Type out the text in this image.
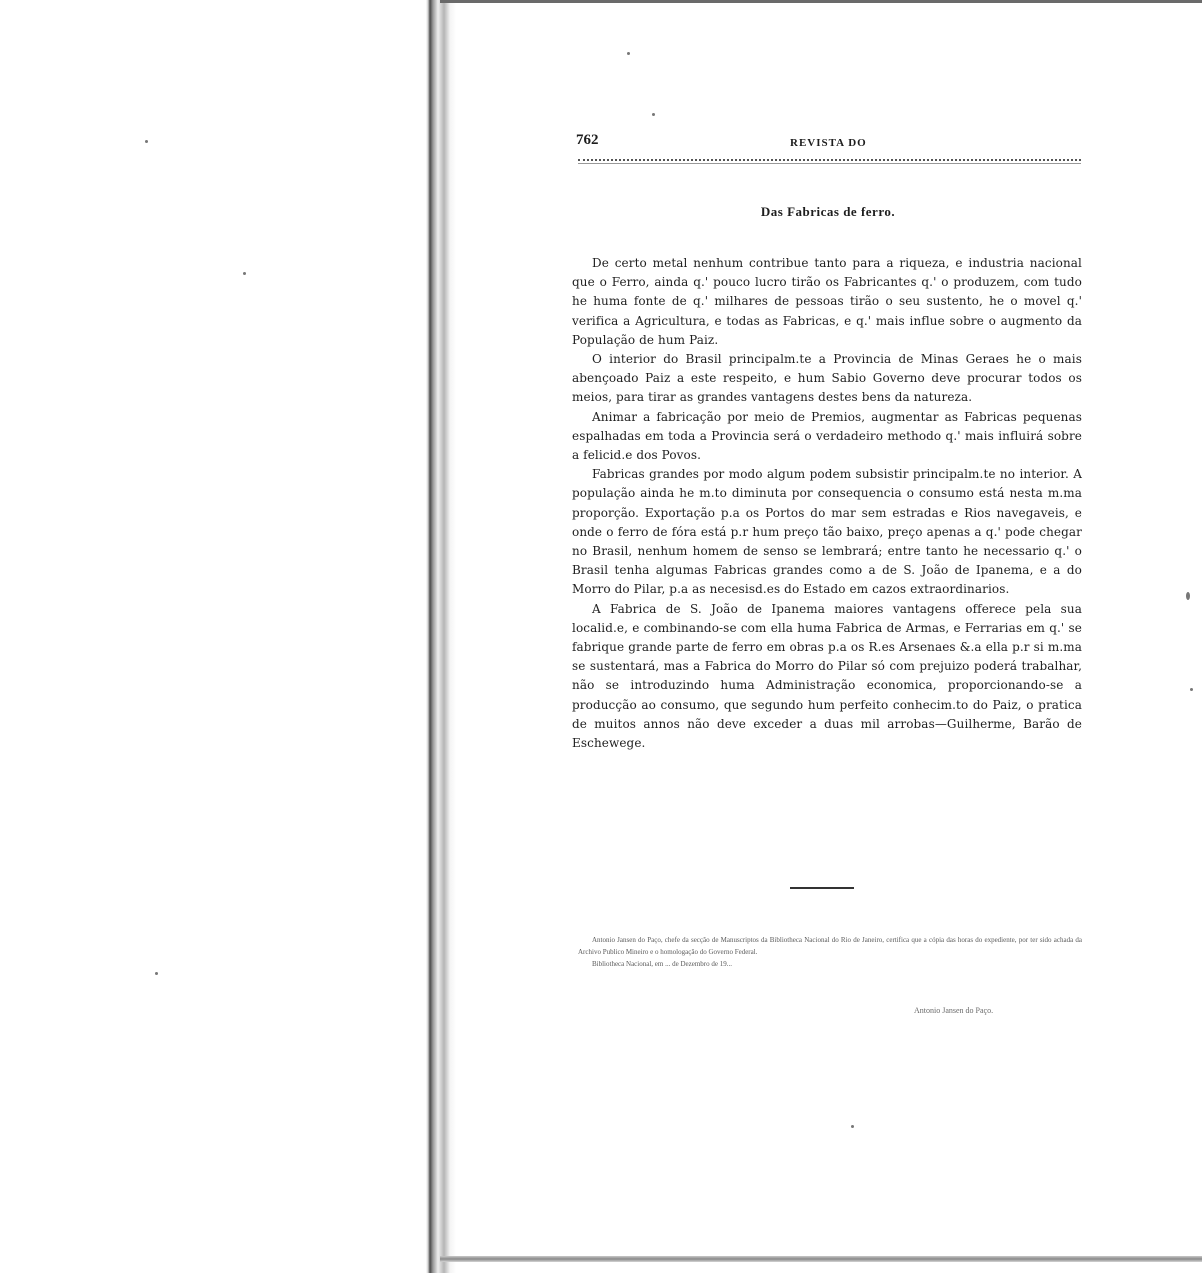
762	REVISTA DO
Das Fabricas de ferro.

De certo metal nenhum contribue tanto para a riqueza, e industria nacional que o Ferro, ainda q.' pouco lucro tirão os Fabricantes q.' o produzem, com tudo he huma fonte de q.' milhares de pessoas tirão o seu sustento, he o movel q.' verifica a Agricultura, e todas as Fabricas, e q.' mais influe sobre o augmento da População de hum Paiz.

O interior do Brasil principalm.te a Provincia de Minas Geraes he o mais abençoado Paiz a este respeito, e hum Sabio Governo deve procurar todos os meios, para tirar as grandes vantagens destes bens da natureza.

Animar a fabricação por meio de Premios, augmentar as Fabricas pequenas espalhadas em toda a Provincia será o verdadeiro methodo q.' mais influirá sobre a felicid.e dos Povos.

Fabricas grandes por modo algum podem subsistir principalm.te no interior. A população ainda he m.to diminuta por consequencia o consumo está nesta m.ma proporção. Exportação p.a os Portos do mar sem estradas e Rios navegaveis, e onde o ferro de fóra está p.r hum preço tão baixo, preço apenas a q.' pode chegar no Brasil, nenhum homem de senso se lembrará; entre tanto he necessario q.' o Brasil tenha algumas Fabricas grandes como a de S. João de Ipanema, e a do Morro do Pilar, p.a as necesisd.es do Estado em cazos extraordinarios.

A Fabrica de S. João de Ipanema maiores vantagens offerece pela sua localid.e, e combinando-se com ella huma Fabrica de Armas, e Ferrarias em q.' se fabrique grande parte de ferro em obras p.a os R.es Arsenaes &.a ella p.r si m.ma se sustentará, mas a Fabrica do Morro do Pilar só com prejuizo poderá trabalhar, não se introduzindo huma Administração economica, proporcionando-se a producção ao consumo, que segundo hum perfeito conhecim.to do Paiz, o pratica de muitos annos não deve exceder a duas mil arrobas—Guilherme, Barão de Eschewege.

Antonio Jansen do Paço, chefe da secção de Manuscriptos da Bibliotheca Nacional do Rio de Janeiro, certifica que a cópia das horas do expediente, por ter sido achada da Archivo Publico Mineiro e o homologação do Governo Federal.

Bibliotheca Nacional, em ... de Dezembro de 19...

Antonio Jansen do Paço.
